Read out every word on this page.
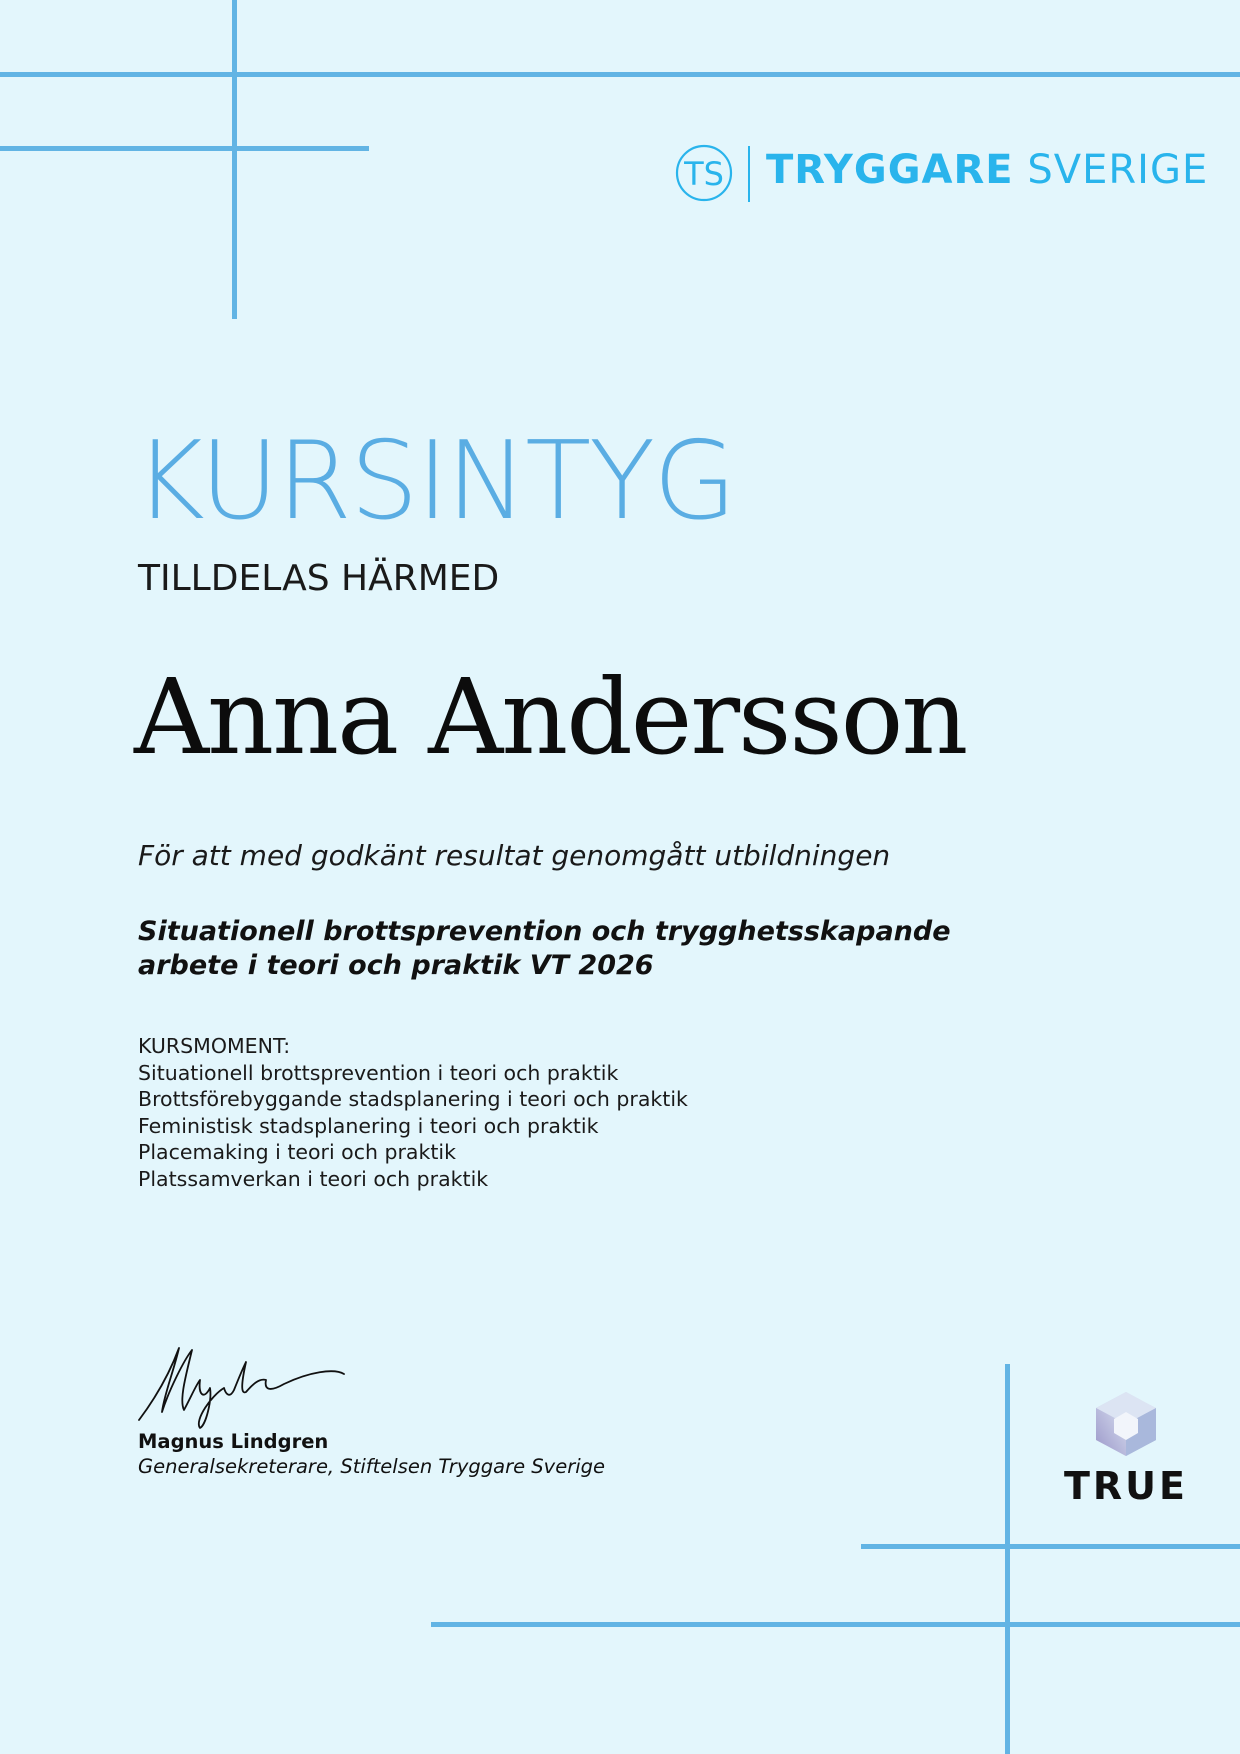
TS TRYGGARE SVERIGE
KURSINTYG
TILLDELAS HÄRMED
Anna Andersson
För att med godkänt resultat genomgått utbildningen
Situationell brottsprevention och trygghetsskapande
arbete i teori och praktik VT 2026
KURSMOMENT:
Situationell brottsprevention i teori och praktik
Brottsförebyggande stadsplanering i teori och praktik
Feministisk stadsplanering i teori och praktik
Placemaking i teori och praktik
Platssamverkan i teori och praktik
Magnus Lindgren
Generalsekreterare, Stiftelsen Tryggare Sverige	TRUE
